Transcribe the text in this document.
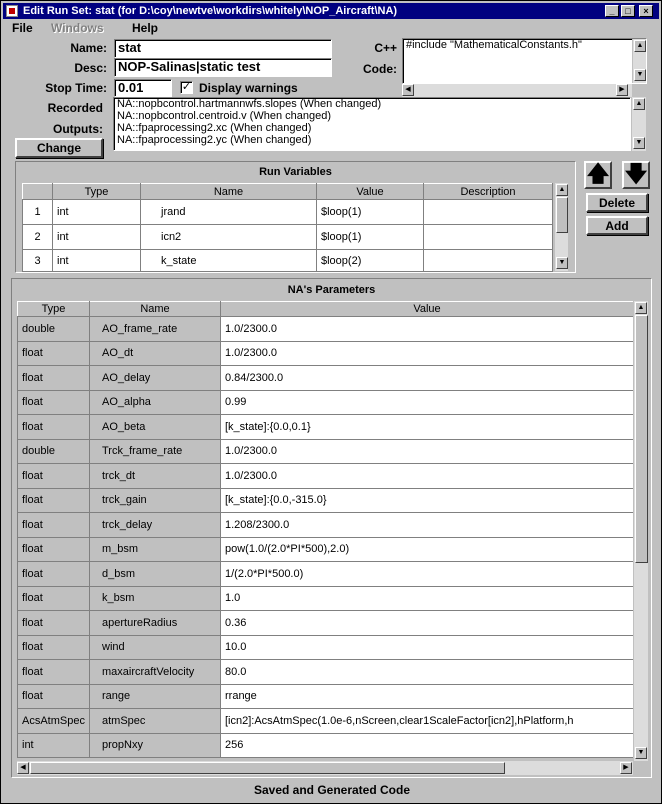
Edit Run Set: stat (for D:\coy\newtve\workdirs\whitely\NOP_Aircraft\NA)	_	□	×
File Windows Help
Name: stat
Desc: NOP-Salinas|static test
Stop Time: 0.01	✓ Display warnings
C++
Code:
#include "MathematicalConstants.h"	▲
▼
Recorded
Outputs:
Change
NA::nopbcontrol.hartmannwfs.slopes (When changed)
NA::nopbcontrol.centroid.v (When changed)
NA::fpaprocessing2.xc (When changed)
NA::fpaprocessing2.yc (When changed)
▲
▼
◀	▶
Run Variables
	Type	Name	Value	Description
1	int	jrand	$loop(1)	
2	int	icn2	$loop(1)	
3	int	k_state	$loop(2)	
▲
▼
🡅 🡇
Delete
Add
NA's Parameters
Type	Name	Value
double	AO_frame_rate	1.0/2300.0
float	AO_dt	1.0/2300.0
float	AO_delay	0.84/2300.0
float	AO_alpha	0.99
float	AO_beta	[k_state]:{0.0,0.1}
double	Trck_frame_rate	1.0/2300.0
float	trck_dt	1.0/2300.0
float	trck_gain	[k_state]:{0.0,-315.0}
float	trck_delay	1.208/2300.0
float	m_bsm	pow(1.0/(2.0*PI*500),2.0)
float	d_bsm	1/(2.0*PI*500.0)
float	k_bsm	1.0
float	apertureRadius	0.36
float	wind	10.0
float	maxaircraftVelocity	80.0
float	range	rrange
AcsAtmSpec	atmSpec	[icn2]:AcsAtmSpec(1.0e-6,nScreen,clear1ScaleFactor[icn2],hPlatform,h
int	propNxy	256
▲
▼
◀	▶
Saved and Generated Code
